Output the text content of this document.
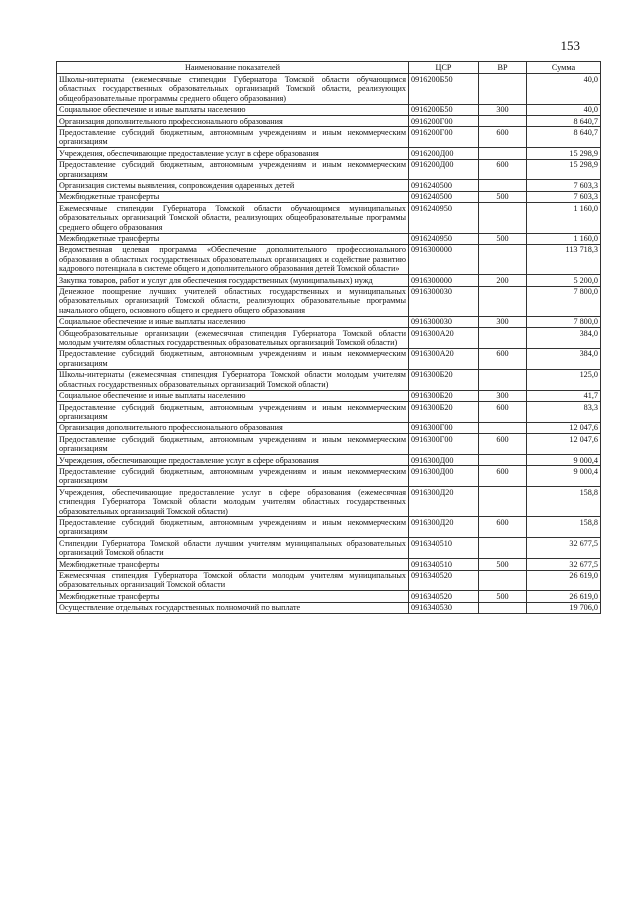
153
Наименование показателей	ЦСР	ВР	Сумма
Школы-интернаты (ежемесячные стипендии Губернатора Томской области обучающимся областных государственных образовательных организаций Томской области, реализующих общеобразовательные программы среднего общего образования)	0916200Б50		40,0
Социальное обеспечение и иные выплаты населению	0916200Б50	300	40,0
Организация дополнительного профессионального образования	0916200Г00		8 640,7
Предоставление субсидий бюджетным, автономным учреждениям и иным некоммерческим организациям	0916200Г00	600	8 640,7
Учреждения, обеспечивающие предоставление услуг в сфере образования	0916200Д00		15 298,9
Предоставление субсидий бюджетным, автономным учреждениям и иным некоммерческим организациям	0916200Д00	600	15 298,9
Организация системы выявления, сопровождения одаренных детей	0916240500		7 603,3
Межбюджетные трансферты	0916240500	500	7 603,3
Ежемесячные стипендии Губернатора Томской области обучающимся муниципальных образовательных организаций Томской области, реализующих общеобразовательные программы среднего общего образования	0916240950		1 160,0
Межбюджетные трансферты	0916240950	500	1 160,0
Ведомственная целевая программа «Обеспечение дополнительного профессионального образования в областных государственных образовательных организациях и содействие развитию кадрового потенциала в системе общего и дополнительного образования детей Томской области»	0916300000		113 718,3
Закупка товаров, работ и услуг для обеспечения государственных (муниципальных) нужд	0916300000	200	5 200,0
Денежное поощрение лучших учителей областных государственных и муниципальных образовательных организаций Томской области, реализующих образовательные программы начального общего, основного общего и среднего общего образования	0916300030		7 800,0
Социальное обеспечение и иные выплаты населению	0916300030	300	7 800,0
Общеобразовательные организации (ежемесячная стипендия Губернатора Томской области молодым учителям областных государственных образовательных организаций Томской области)	0916300А20		384,0
Предоставление субсидий бюджетным, автономным учреждениям и иным некоммерческим организациям	0916300А20	600	384,0
Школы-интернаты (ежемесячная стипендия Губернатора Томской области молодым учителям областных государственных образовательных организаций Томской области)	0916300Б20		125,0
Социальное обеспечение и иные выплаты населению	0916300Б20	300	41,7
Предоставление субсидий бюджетным, автономным учреждениям и иным некоммерческим организациям	0916300Б20	600	83,3
Организация дополнительного профессионального образования	0916300Г00		12 047,6
Предоставление субсидий бюджетным, автономным учреждениям и иным некоммерческим организациям	0916300Г00	600	12 047,6
Учреждения, обеспечивающие предоставление услуг в сфере образования	0916300Д00		9 000,4
Предоставление субсидий бюджетным, автономным учреждениям и иным некоммерческим организациям	0916300Д00	600	9 000,4
Учреждения, обеспечивающие предоставление услуг в сфере образования (ежемесячная стипендия Губернатора Томской области молодым учителям областных государственных образовательных организаций Томской области)	0916300Д20		158,8
Предоставление субсидий бюджетным, автономным учреждениям и иным некоммерческим организациям	0916300Д20	600	158,8
Стипендии Губернатора Томской области лучшим учителям муниципальных образовательных организаций Томской области	0916340510		32 677,5
Межбюджетные трансферты	0916340510	500	32 677,5
Ежемесячная стипендия Губернатора Томской области молодым учителям муниципальных образовательных организаций Томской области	0916340520		26 619,0
Межбюджетные трансферты	0916340520	500	26 619,0
Осуществление отдельных государственных полномочий по выплате	0916340530		19 706,0
